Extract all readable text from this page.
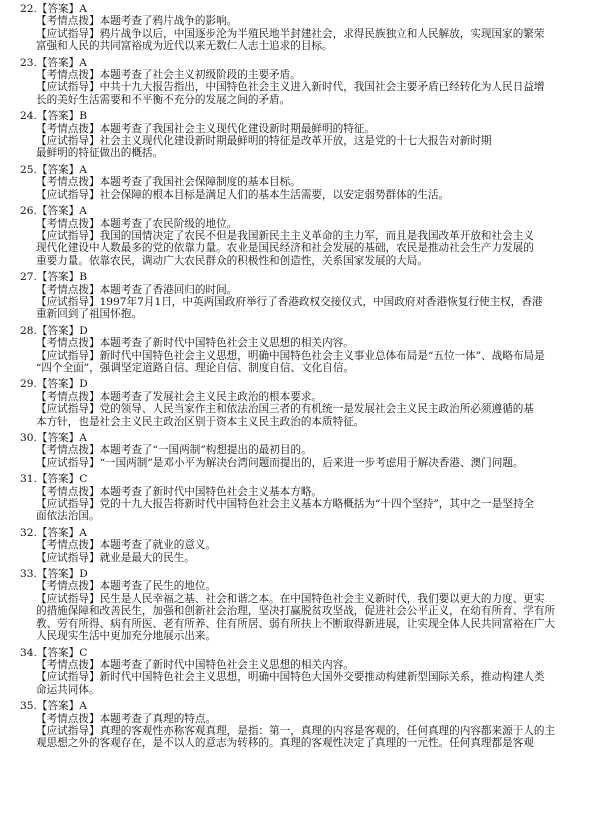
22.【答案】A
【考情点拨】本题考查了鸦片战争的影响。
【应试指导】鸦片战争以后，中国逐步沦为半殖民地半封建社会，求得民族独立和人民解放，实现国家的繁荣
富强和人民的共同富裕成为近代以来无数仁人志士追求的目标。
23.【答案】A
【考情点拨】本题考查了社会主义初级阶段的主要矛盾。
【应试指导】中共十九大报告指出，中国特色社会主义进入新时代，我国社会主要矛盾已经转化为人民日益增
长的美好生活需要和不平衡不充分的发展之间的矛盾。
24.【答案】B
【考情点拨】本题考查了我国社会主义现代化建设新时期最鲜明的特征。
【应试指导】社会主义现代化建设新时期最鲜明的特征是改革开放，这是党的十七大报告对新时期
最鲜明的特征做出的概括。
25.【答案】A
【考情点拨】本题考查了我国社会保障制度的基本目标。
【应试指导】社会保障的根本目标是满足人们的基本生活需要，以安定弱势群体的生活。
26.【答案】A
【考情点拨】本题考查了农民阶级的地位。
【应试指导】我国的国情决定了农民不但是我国新民主主义革命的主力军，而且是我国改革开放和社会主义
现代化建设中人数最多的党的依靠力量。农业是国民经济和社会发展的基础，农民是推动社会生产力发展的
重要力量。依靠农民，调动广大农民群众的积极性和创造性，关系国家发展的大局。
27.【答案】B
【考情点拨】本题考查了香港回归的时间。
【应试指导】1997年7月1日，中英两国政府举行了香港政权交接仪式，中国政府对香港恢复行使主权，香港
重新回到了祖国怀抱。
28.【答案】D
【考情点拨】本题考查了新时代中国特色社会主义思想的相关内容。
【应试指导】新时代中国特色社会主义思想，明确中国特色社会主义事业总体布局是“五位一体”、战略布局是
“四个全面”，强调坚定道路自信、理论自信、制度自信、文化自信。
29.【答案】D
【考情点拨】本题考查了发展社会主义民主政治的根本要求。
【应试指导】党的领导、人民当家作主和依法治国三者的有机统一是发展社会主义民主政治所必须遵循的基
本方针，也是社会主义民主政治区别于资本主义民主政治的本质特征。
30.【答案】A
【考情点拨】本题考查了“一国两制”构想提出的最初目的。
【应试指导】“一国两制”是邓小平为解决台湾问题而提出的，后来进一步考虑用于解决香港、澳门问题。
31.【答案】C
【考情点拨】本题考查了新时代中国特色社会主义基本方略。
【应试指导】党的十九大报告将新时代中国特色社会主义基本方略概括为“十四个坚持”，其中之一是坚持全
面依法治国。
32.【答案】A
【考情点拨】本题考查了就业的意义。
【应试指导】就业是最大的民生。
33.【答案】D
【考情点拨】本题考查了民生的地位。
【应试指导】民生是人民幸福之基、社会和谐之本。在中国特色社会主义新时代，我们要以更大的力度、更实
的措施保障和改善民生，加强和创新社会治理，坚决打赢脱贫攻坚战，促进社会公平正义，在幼有所育、学有所
教、劳有所得、病有所医、老有所养、住有所居、弱有所扶上不断取得新进展，让实现全体人民共同富裕在广大
人民现实生活中更加充分地展示出来。
34.【答案】C
【考情点拨】本题考查了新时代中国特色社会主义思想的相关内容。
【应试指导】新时代中国特色社会主义思想，明确中国特色大国外交要推动构建新型国际关系，推动构建人类
命运共同体。
35.【答案】A
【考情点拨】本题考查了真理的特点。
【应试指导】真理的客观性亦称客观真理，是指：第一，真理的内容是客观的，任何真理的内容都来源于人的主
观思想之外的客观存在，是不以人的意志为转移的。真理的客观性决定了真理的一元性。任何真理都是客观
